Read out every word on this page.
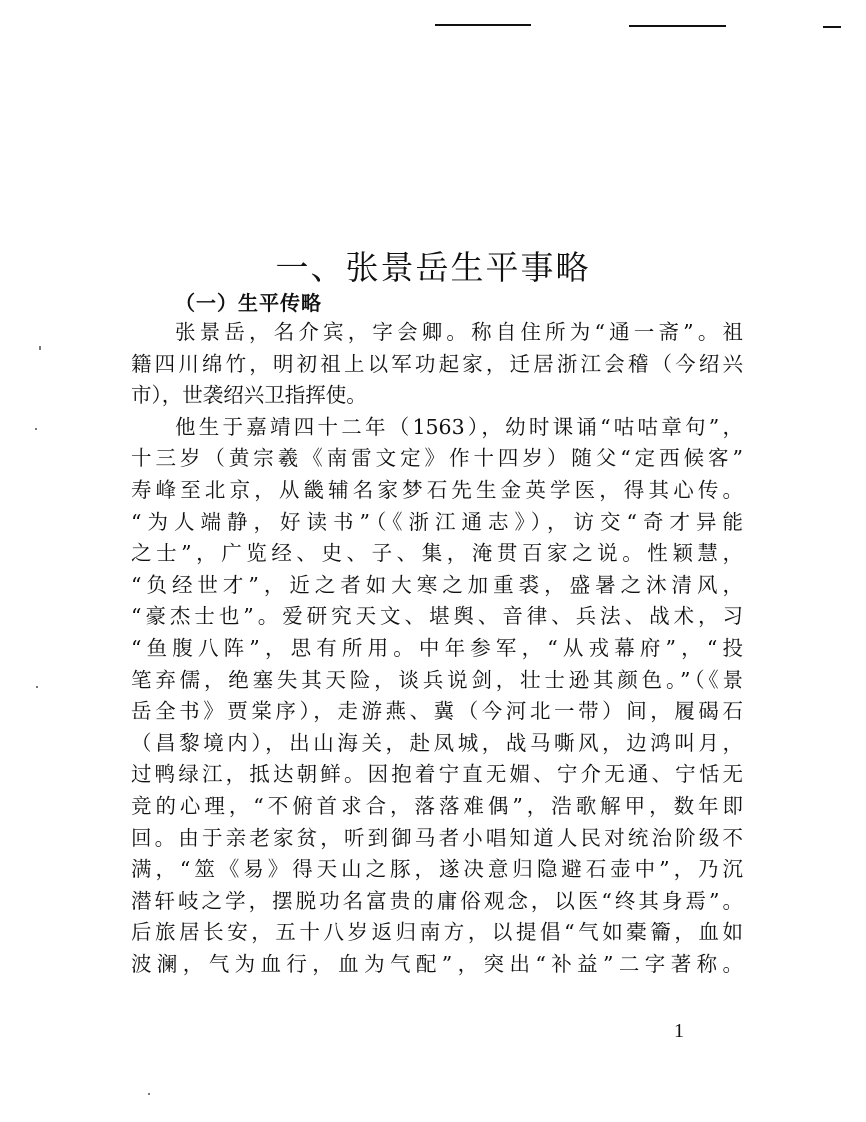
一、张景岳生平事略
（一）生平传略
张景岳，名介宾，字会卿。称自住所为“通一斋”。祖
籍四川绵竹，明初祖上以军功起家，迁居浙江会稽（今绍兴
市），世袭绍兴卫指挥使。
他生于嘉靖四十二年（1563），幼时课诵“咕咕章句”，
十三岁（黄宗羲《南雷文定》作十四岁）随父“定西候客”
寿峰至北京，从畿辅名家梦石先生金英学医，得其心传。
“为人端静，好读书”（《浙江通志》），访交“奇才异能
之士”，广览经、史、子、集，淹贯百家之说。性颖慧，
“负经世才”，近之者如大寒之加重裘，盛暑之沐清风，
“豪杰士也”。爱研究天文、堪舆、音律、兵法、战术，习
“鱼腹八阵”，思有所用。中年参军，“从戎幕府”，“投
笔弃儒，绝塞失其天险，谈兵说剑，壮士逊其颜色。”（《景
岳全书》贾棠序），走游燕、冀（今河北一带）间，履碣石
（昌黎境内），出山海关，赴凤城，战马嘶风，边鸿叫月，
过鸭绿江，抵达朝鲜。因抱着宁直无媚、宁介无通、宁恬无
竞的心理，“不俯首求合，落落难偶”，浩歌解甲，数年即
回。由于亲老家贫，听到御马者小唱知道人民对统治阶级不
满，“筮《易》得天山之豚，遂决意归隐避石壶中”，乃沉
潜轩岐之学，摆脱功名富贵的庸俗观念，以医“终其身焉”。
后旅居长安，五十八岁返归南方，以提倡“气如橐籥，血如
波澜，气为血行，血为气配”，突出“补益”二字著称。
1
